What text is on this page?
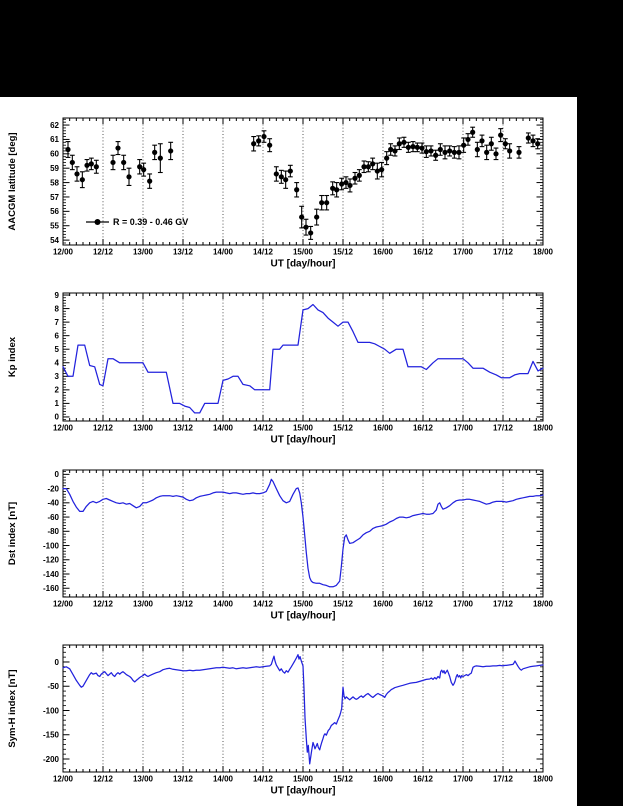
54
55
56
57
58
59
60
61
62
12/00 12/12 13/00 13/12 14/00 14/12 15/00 15/12 16/00 16/12 17/00 17/12 18/00
UT [day/hour]
AACGM latitude [deg]	R = 0.39 - 0.46 GV
0
1
2
3
4
5
6
7
8
9
12/00 12/12 13/00 13/12 14/00 14/12 15/00 15/12 16/00 16/12 17/00 17/12 18/00
UT [day/hour]
Kp index
0
-20
-40
-60
-80
-100
-120
-140
-160
12/00 12/12 13/00 13/12 14/00 14/12 15/00 15/12 16/00 16/12 17/00 17/12 18/00
UT [day/hour]
Dst index [nT]
0
-50
-100
-150
-200
12/00 12/12 13/00 13/12 14/00 14/12 15/00 15/12 16/00 16/12 17/00 17/12 18/00
UT [day/hour]
Sym-H index [nT]
